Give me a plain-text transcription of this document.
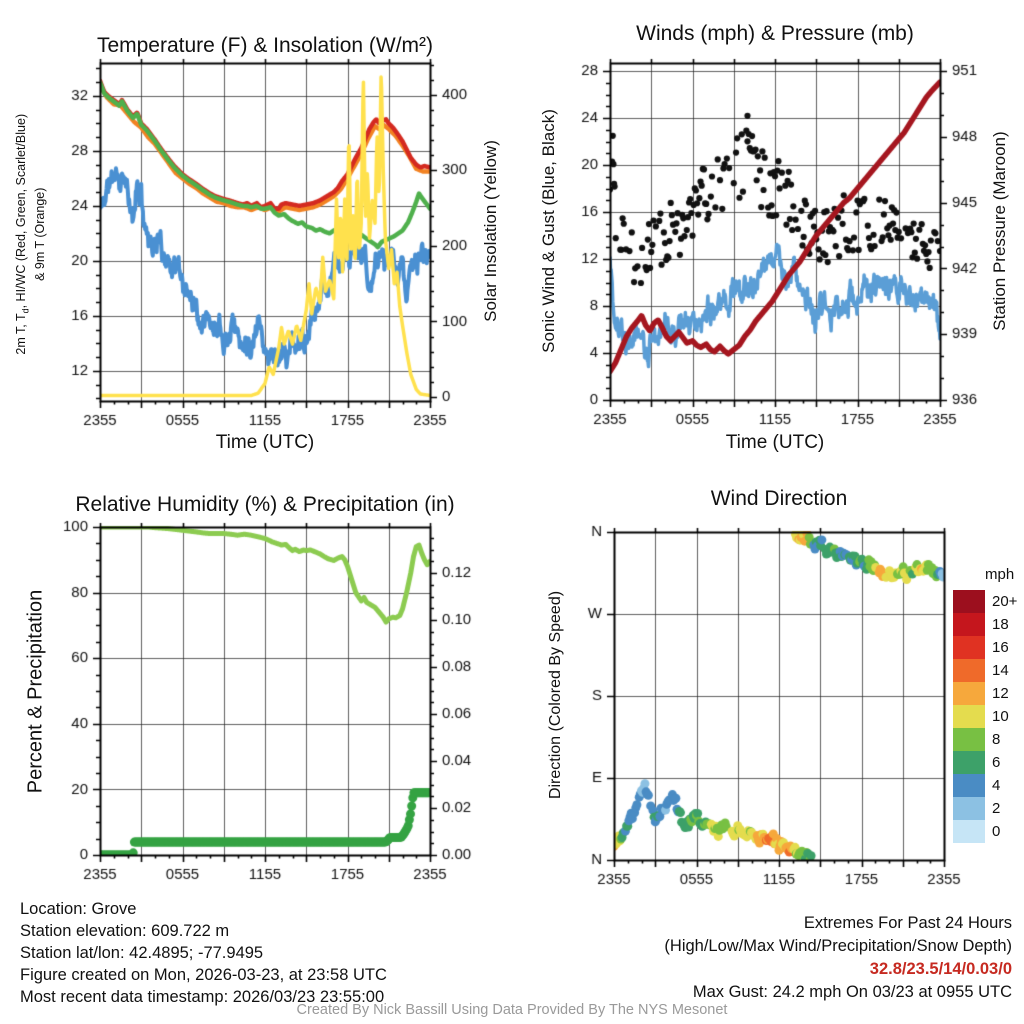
Temperature (F) & Insolation (W/m²)
Winds (mph) & Pressure (mb)
Relative Humidity (%) & Precipitation (in)	Wind Direction
Time (UTC)	Time (UTC)
2m T, $T_d$, HI/WC (Red, Green, Scarlet/Blue) & 9m T (Orange)	Solar Insolation (Yellow) Sonic Wind & Gust (Blue, Black)	Station Pressure (Maroon)
Percent & Precipitation	Direction (Colored By Speed)
mph
20+
18
16
14
12
10
8
6
4
2
0
Location: Grove
Station elevation: 609.722 m
Station lat/lon: 42.4895; -77.9495
Figure created on Mon, 2026-03-23, at 23:58 UTC
Most recent data timestamp: 2026/03/23 23:55:00
Extremes For Past 24 Hours
(High/Low/Max Wind/Precipitation/Snow Depth)
32.8/23.5/14/0.03/0
Max Gust: 24.2 mph On 03/23 at 0955 UTC
Created By Nick Bassill Using Data Provided By The NYS Mesonet
